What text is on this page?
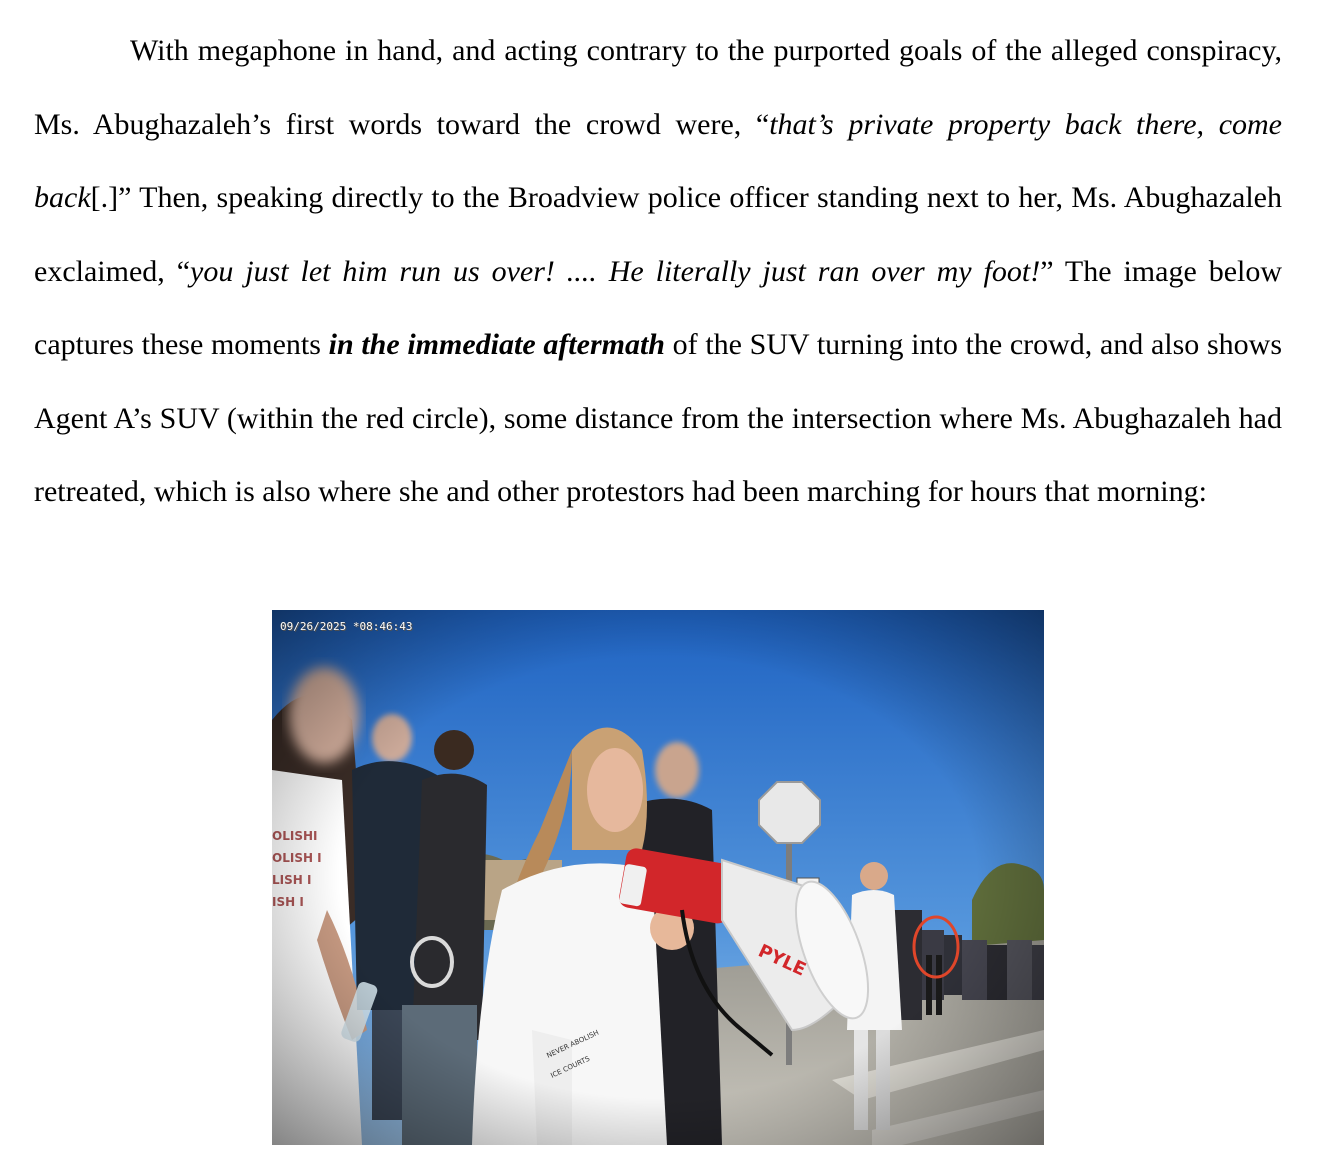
With megaphone in hand, and acting contrary to the purported goals of the alleged conspiracy, Ms. Abughazaleh’s first words toward the crowd were, “that’s private property back there, come back[.]” Then, speaking directly to the Broadview police officer standing next to her, Ms. Abughazaleh exclaimed, “you just let him run us over! .... He literally just ran over my foot!” The image below captures these moments in the immediate aftermath of the SUV turning into the crowd, and also shows Agent A’s SUV (within the red circle), some distance from the intersection where Ms. Abughazaleh had retreated, which is also where she and other protestors had been marching for hours that morning:

09/26/2025 *08:46:43
